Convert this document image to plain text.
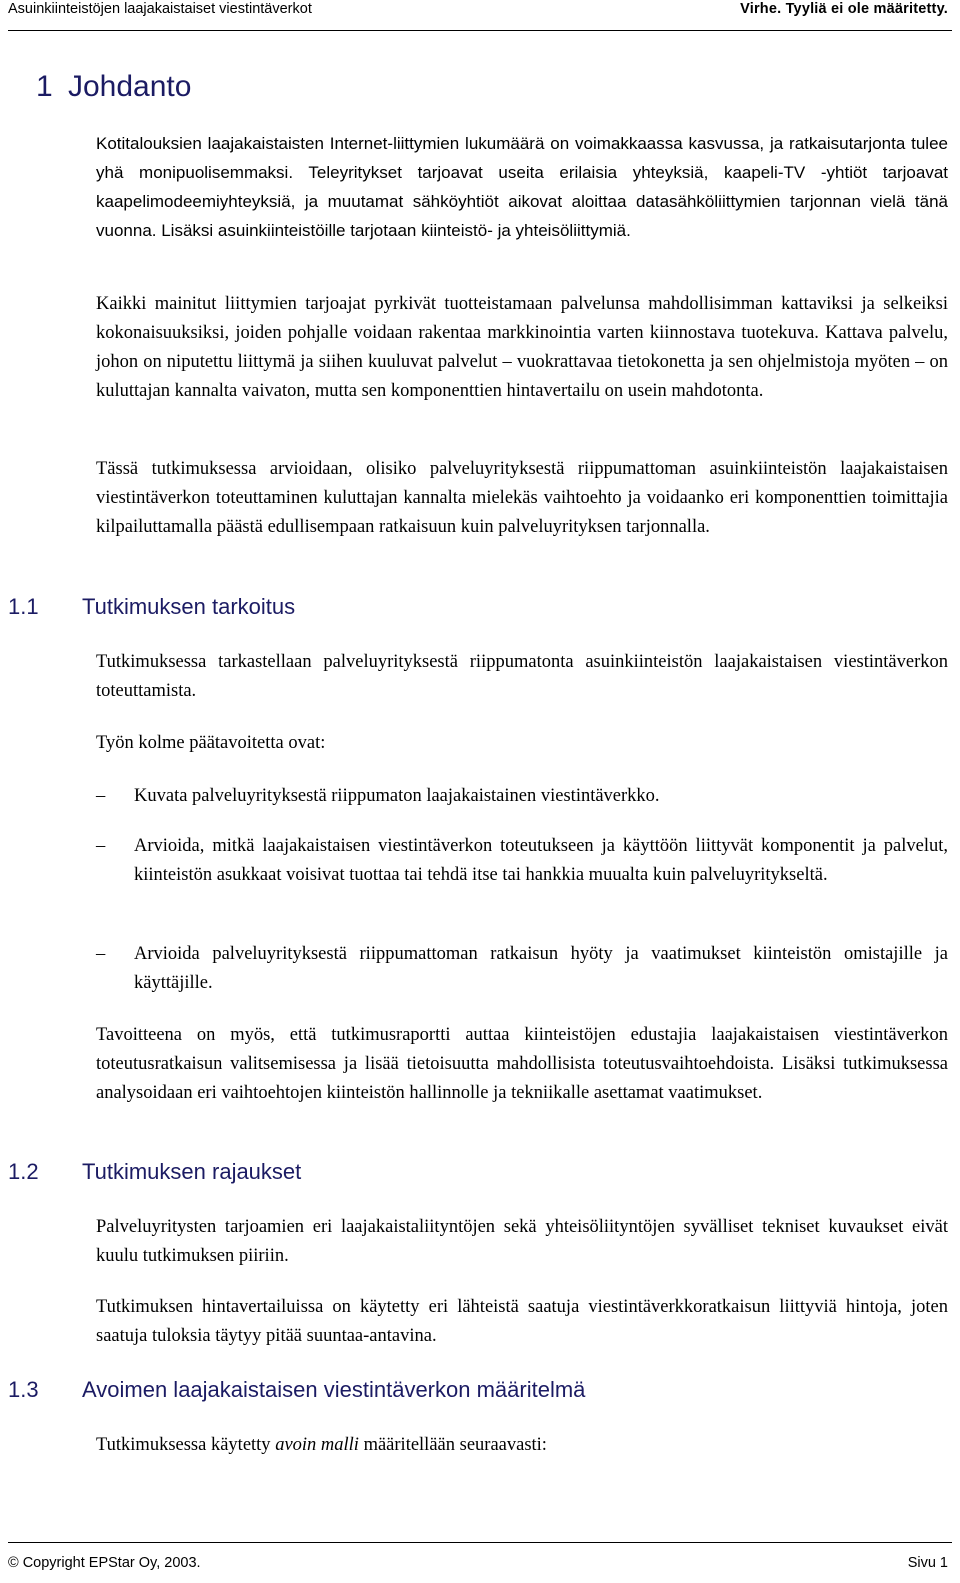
Asuinkiinteistöjen laajakaistaiset viestintäverkot	Virhe. Tyyliä ei ole määritetty.
1 Johdanto

Kotitalouksien laajakaistaisten Internet-liittymien lukumäärä on voimakkaassa kasvussa, ja ratkaisutarjonta tulee yhä monipuolisemmaksi. Teleyritykset tarjoavat useita erilaisia yhteyksiä, kaapeli-TV -yhtiöt tarjoavat kaapelimodeemiyhteyksiä, ja muutamat sähköyhtiöt aikovat aloittaa datasähköliittymien tarjonnan vielä tänä vuonna. Lisäksi asuinkiinteistöille tarjotaan kiinteistö- ja yhteisöliittymiä.

Kaikki mainitut liittymien tarjoajat pyrkivät tuotteistamaan palvelunsa mahdollisimman kattaviksi ja selkeiksi kokonaisuuksiksi, joiden pohjalle voidaan rakentaa markkinointia varten kiinnostava tuotekuva. Kattava palvelu, johon on niputettu liittymä ja siihen kuuluvat palvelut – vuokrattavaa tietokonetta ja sen ohjelmistoja myöten – on kuluttajan kannalta vaivaton, mutta sen komponenttien hintavertailu on usein mahdotonta.

Tässä tutkimuksessa arvioidaan, olisiko palveluyrityksestä riippumattoman asuinkiinteistön laajakaistaisen viestintäverkon toteuttaminen kuluttajan kannalta mielekäs vaihtoehto ja voidaanko eri komponenttien toimittajia kilpailuttamalla päästä edullisempaan ratkaisuun kuin palveluyrityksen tarjonnalla.

1.1 Tutkimuksen tarkoitus

Tutkimuksessa tarkastellaan palveluyrityksestä riippumatonta asuinkiinteistön laajakaistaisen viestintäverkon toteuttamista.

Työn kolme päätavoitetta ovat:

– Kuvata palveluyrityksestä riippumaton laajakaistainen viestintäverkko.

– Arvioida, mitkä laajakaistaisen viestintäverkon toteutukseen ja käyttöön liittyvät komponentit ja palvelut, kiinteistön asukkaat voisivat tuottaa tai tehdä itse tai hankkia muualta kuin palveluyritykseltä.

– Arvioida palveluyrityksestä riippumattoman ratkaisun hyöty ja vaatimukset kiinteistön omistajille ja käyttäjille.

Tavoitteena on myös, että tutkimusraportti auttaa kiinteistöjen edustajia laajakaistaisen viestintäverkon toteutusratkaisun valitsemisessa ja lisää tietoisuutta mahdollisista toteutusvaihtoehdoista. Lisäksi tutkimuksessa analysoidaan eri vaihtoehtojen kiinteistön hallinnolle ja tekniikalle asettamat vaatimukset.

1.2 Tutkimuksen rajaukset

Palveluyritysten tarjoamien eri laajakaistaliityntöjen sekä yhteisöliityntöjen syvälliset tekniset kuvaukset eivät kuulu tutkimuksen piiriin.

Tutkimuksen hintavertailuissa on käytetty eri lähteistä saatuja viestintäverkkoratkaisun liittyviä hintoja, joten saatuja tuloksia täytyy pitää suuntaa-antavina.

1.3 Avoimen laajakaistaisen viestintäverkon määritelmä

Tutkimuksessa käytetty avoin malli määritellään seuraavasti:

© Copyright EPStar Oy, 2003.	Sivu 1
